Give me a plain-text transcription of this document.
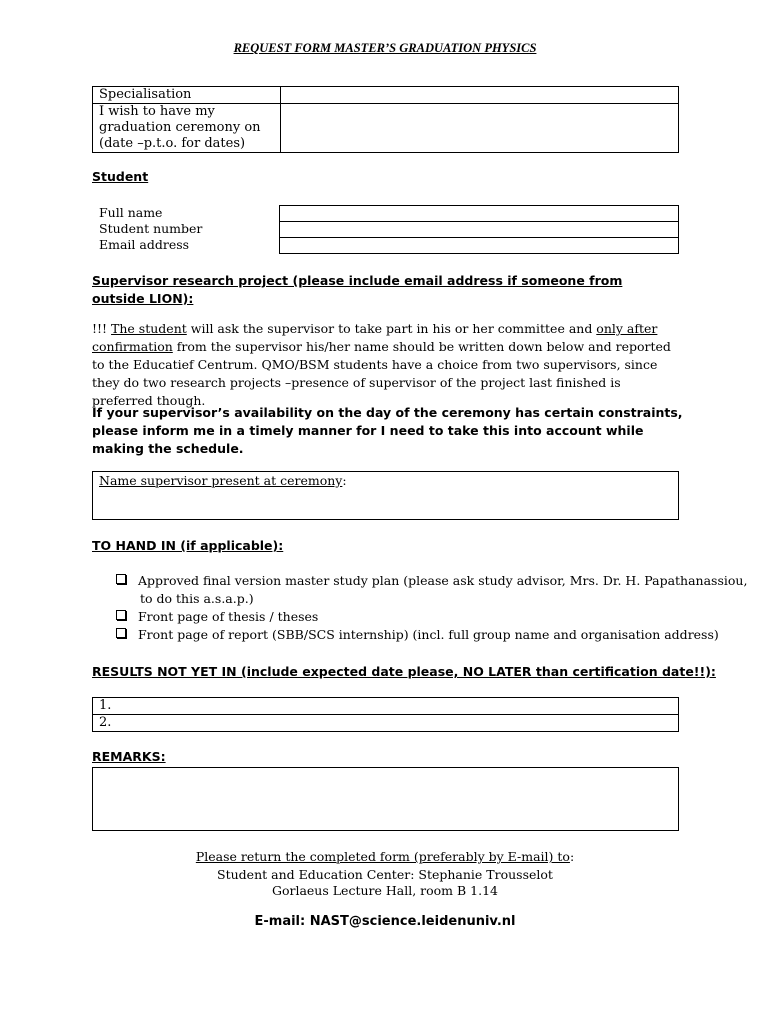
REQUEST FORM MASTER’S GRADUATION PHYSICS
Specialisation	
I wish to have my graduation ceremony on (date –p.t.o. for dates)	
Student
Full name
Student number
Email address

Supervisor research project (please include email address if someone from outside LION):
!!! The student will ask the supervisor to take part in his or her committee and only after confirmation from the supervisor his/her name should be written down below and reported to the Educatief Centrum. QMO/BSM students have a choice from two supervisors, since they do two research projects –presence of supervisor of the project last finished is preferred though.
If your supervisor’s availability on the day of the ceremony has certain constraints, please inform me in a timely manner for I need to take this into account while making the schedule.
Name supervisor present at ceremony:
TO HAND IN (if applicable):
Approved final version master study plan (please ask study advisor, Mrs. Dr. H. Papathanassiou,
to do this a.s.a.p.)
Front page of thesis / theses
Front page of report (SBB/SCS internship) (incl. full group name and organisation address)
RESULTS NOT YET IN (include expected date please, NO LATER than certification date!!):
1.
2.
REMARKS:
Please return the completed form (preferably by E-mail) to:
Student and Education Center: Stephanie Trousselot
Gorlaeus Lecture Hall, room B 1.14
E-mail: NAST@science.leidenuniv.nl
